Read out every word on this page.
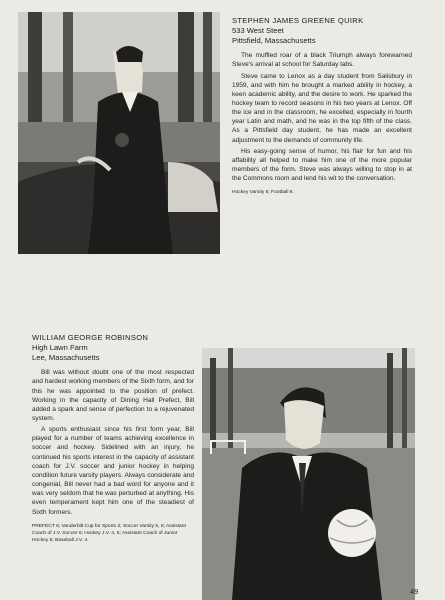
STEPHEN JAMES GREENE QUIRK
533 West Steet
Pittsfield, Massachusetts

The muffled roar of a black Triumph always forewarned Steve's arrival at school for Saturday labs.

Steve came to Lenox as a day student from Salisbury in 1959, and with him he brought a marked ability in hockey, a keen academic ability, and the desire to work. He sparked the hockey team to record seasons in his two years at Lenox. Off the ice and in the classroom, he excelled, especially in fourth year Latin and math, and he was in the top fifth of the class. As a Pittsfield day student, he has made an excellent adjustment to the demands of community life.

His easy-going sense of humor, his flair for fun and his affability all helped to make him one of the more popular members of the form. Steve was always willing to stop in at the Commons room and lend his wit to the conversation.

Hockey Varsity 6; Football 6.
WILLIAM GEORGE ROBINSON
High Lawn Farm
Lee, Massachusetts

Bill was without doubt one of the most respected and hardest working members of the Sixth form, and for this he was appointed to the position of prefect. Working in the capacity of Dining Hall Prefect, Bill added a spark and sense of perfection to a rejuvenated system.

A sports enthusiast since his first form year, Bill played for a number of teams achieving excellence in soccer and hockey. Sidelined with an injury, he continued his sports interest in the capacity of assistant coach for J.V. soccer and junior hockey in helping condition future varsity players. Always considerate and congenial, Bill never had a bad word for anyone and it was very seldom that he was perturbed at anything. His even temperament kept him one of the steadiest of Sixth formers.

PREFECT 6; Vanderbilt Cup for Sports 2; Soccer Varsity 5, 6; Assistant Coach of J.V. Soccer 6; Hockey J.V. 4, 5; Assistant Coach of Junior Hockey 6; Baseball J.V. 4.
49
